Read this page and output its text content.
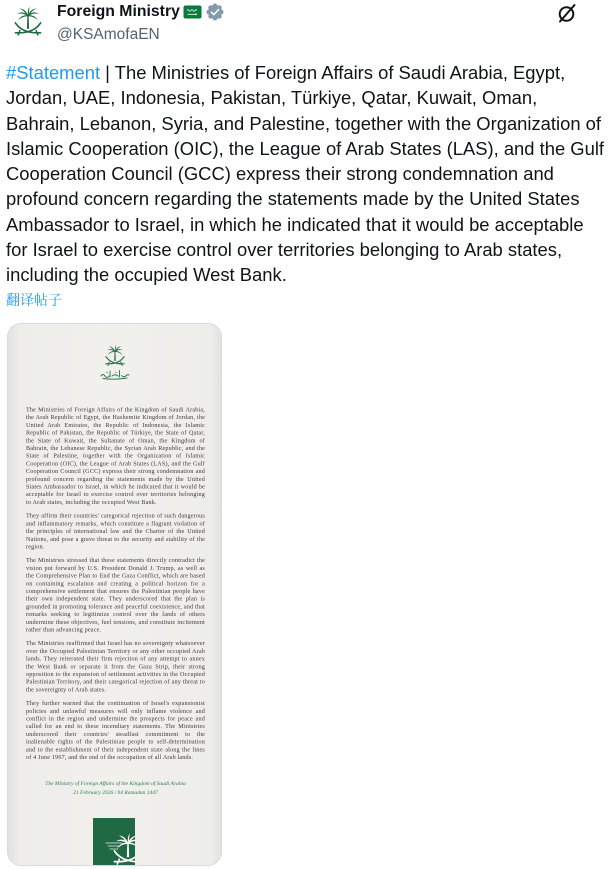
Foreign Ministry
@KSAmofaEN
#Statement | The Ministries of Foreign Affairs of Saudi Arabia, Egypt,
Jordan, UAE, Indonesia, Pakistan, Türkiye, Qatar, Kuwait, Oman,
Bahrain, Lebanon, Syria, and Palestine, together with the Organization of
Islamic Cooperation (OIC), the League of Arab States (LAS), and the Gulf
Cooperation Council (GCC) express their strong condemnation and
profound concern regarding the statements made by the United States
Ambassador to Israel, in which he indicated that it would be acceptable
for Israel to exercise control over territories belonging to Arab states,
including the occupied West Bank.
翻译帖子

The Ministries of Foreign Affairs of the Kingdom of Saudi Arabia, the Arab Republic of Egypt, the Hashemite Kingdom of Jordan, the United Arab Emirates, the Republic of Indonesia, the Islamic Republic of Pakistan, the Republic of Türkiye, the State of Qatar, the State of Kuwait, the Sultanate of Oman, the Kingdom of Bahrain, the Lebanese Republic, the Syrian Arab Republic, and the State of Palestine, together with the Organization of Islamic Cooperation (OIC), the League of Arab States (LAS), and the Gulf Cooperation Council (GCC) express their strong condemnation and profound concern regarding the statements made by the United States Ambassador to Israel, in which he indicated that it would be acceptable for Israel to exercise control over territories belonging to Arab states, including the occupied West Bank.

They affirm their countries' categorical rejection of such dangerous and inflammatory remarks, which constitute a flagrant violation of the principles of international law and the Charter of the United Nations, and pose a grave threat to the security and stability of the region.

The Ministries stressed that these statements directly contradict the vision put forward by U.S. President Donald J. Trump, as well as the Comprehensive Plan to End the Gaza Conflict, which are based on containing escalation and creating a political horizon for a comprehensive settlement that ensures the Palestinian people have their own independent state. They underscored that the plan is grounded in promoting tolerance and peaceful coexistence, and that remarks seeking to legitimize control over the lands of others undermine these objectives, fuel tensions, and constitute incitement rather than advancing peace.

The Ministries reaffirmed that Israel has no sovereignty whatsoever over the Occupied Palestinian Territory or any other occupied Arab lands. They reiterated their firm rejection of any attempt to annex the West Bank or separate it from the Gaza Strip, their strong opposition to the expansion of settlement activities in the Occupied Palestinian Territory, and their categorical rejection of any threat to the sovereignty of Arab states.

They further warned that the continuation of Israel's expansionist policies and unlawful measures will only inflame violence and conflict in the region and undermine the prospects for peace and called for an end to these incendiary statements. The Ministries underscored their countries' steadfast commitment to the inalienable rights of the Palestinian people to self-determination and to the establishment of their independent state along the lines of 4 June 1967, and the end of the occupation of all Arab lands.

The Ministry of Foreign Affairs of the Kingdom of Saudi Arabia
21 February 2026 / 04 Ramadan 1447
